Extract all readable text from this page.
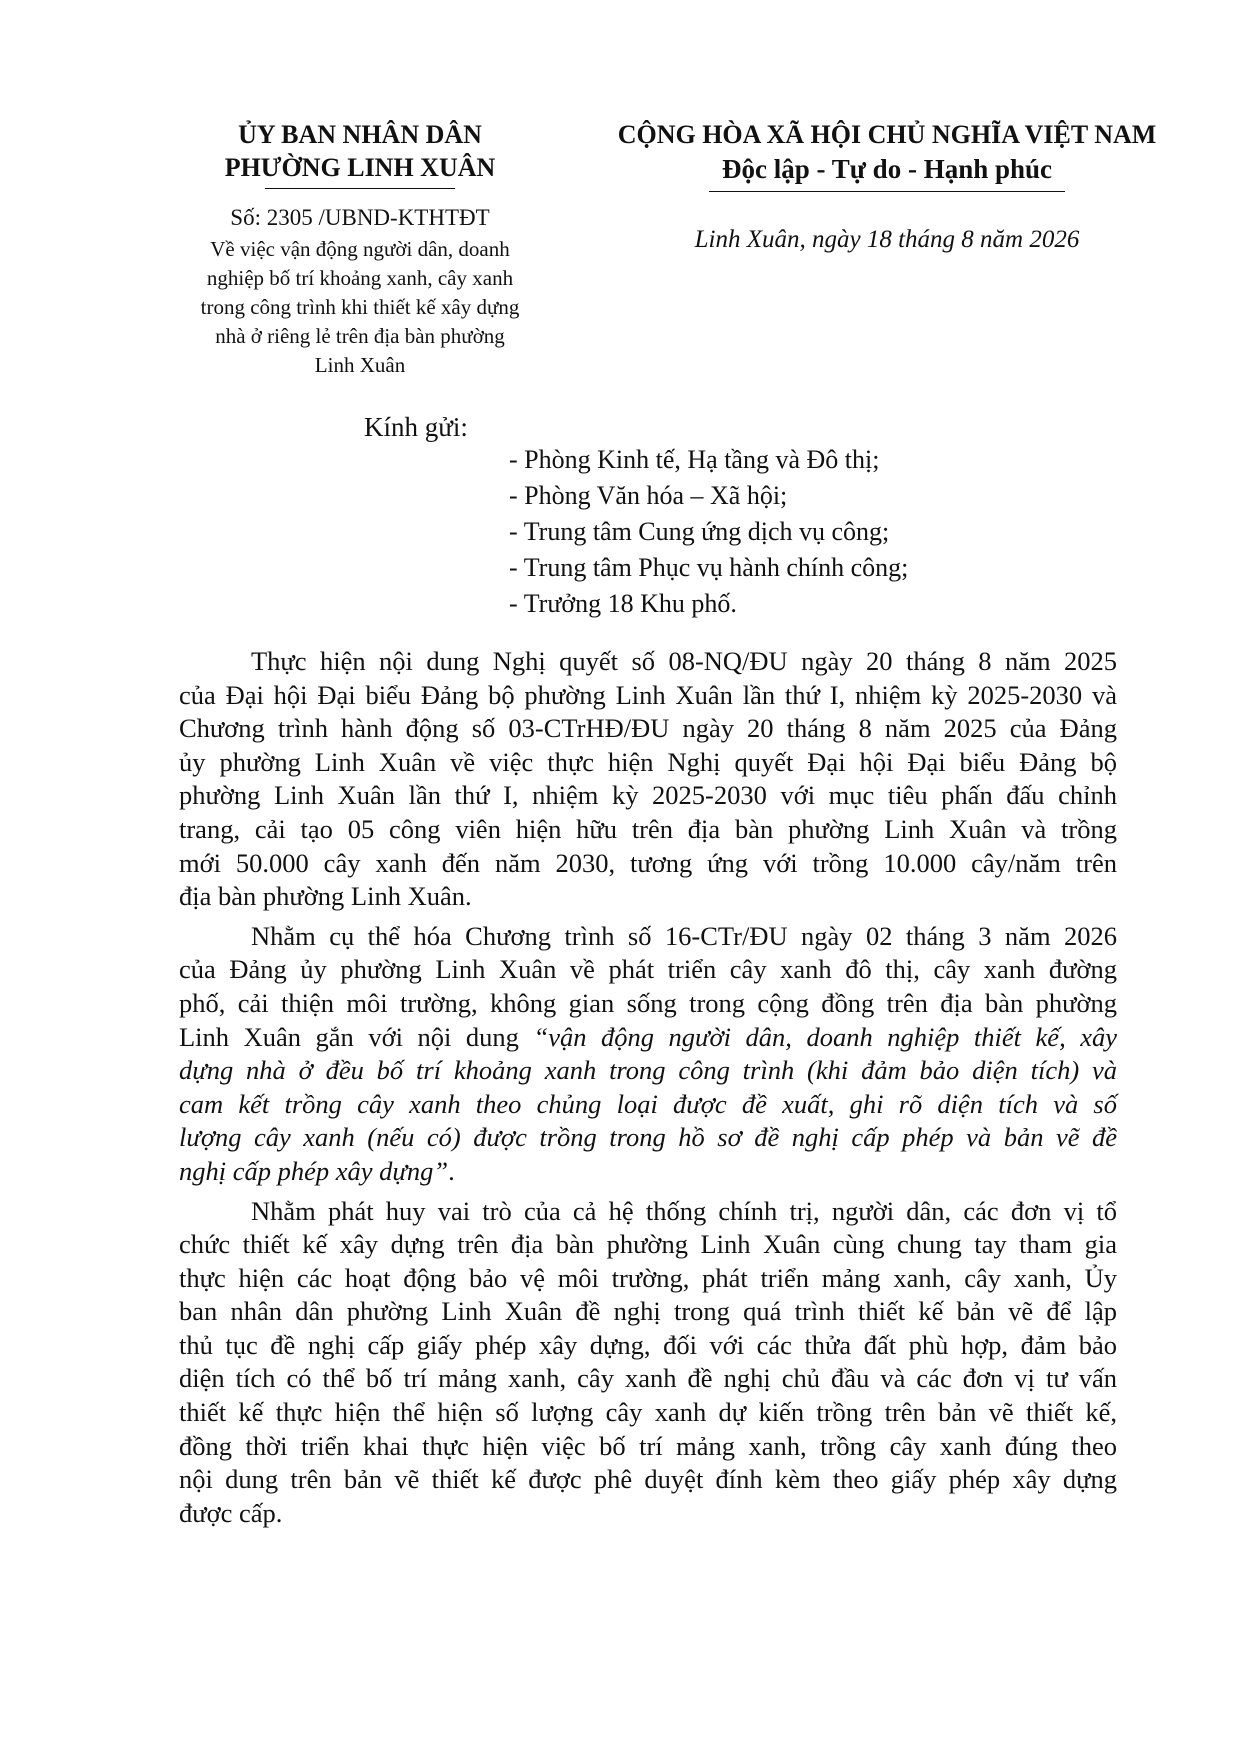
ỦY BAN NHÂN DÂN
PHƯỜNG LINH XUÂN
Số: 2305 /UBND-KTHTĐT
Về việc vận động người dân, doanh
nghiệp bố trí khoảng xanh, cây xanh
trong công trình khi thiết kế xây dựng
nhà ở riêng lẻ trên địa bàn phường
Linh Xuân
CỘNG HÒA XÃ HỘI CHỦ NGHĨA VIỆT NAM
Độc lập - Tự do - Hạnh phúc
Linh Xuân, ngày 18 tháng 8 năm 2026
Kính gửi:
- Phòng Kinh tế, Hạ tầng và Đô thị;
- Phòng Văn hóa – Xã hội;
- Trung tâm Cung ứng dịch vụ công;
- Trung tâm Phục vụ hành chính công;
- Trưởng 18 Khu phố.
Thực hiện nội dung Nghị quyết số 08-NQ/ĐU ngày 20 tháng 8 năm 2025
của Đại hội Đại biểu Đảng bộ phường Linh Xuân lần thứ I, nhiệm kỳ 2025-2030 và
Chương trình hành động số 03-CTrHĐ/ĐU ngày 20 tháng 8 năm 2025 của Đảng
ủy phường Linh Xuân về việc thực hiện Nghị quyết Đại hội Đại biểu Đảng bộ
phường Linh Xuân lần thứ I, nhiệm kỳ 2025-2030 với mục tiêu phấn đấu chỉnh
trang, cải tạo 05 công viên hiện hữu trên địa bàn phường Linh Xuân và trồng
mới 50.000 cây xanh đến năm 2030, tương ứng với trồng 10.000 cây/năm trên
địa bàn phường Linh Xuân.
Nhằm cụ thể hóa Chương trình số 16-CTr/ĐU ngày 02 tháng 3 năm 2026
của Đảng ủy phường Linh Xuân về phát triển cây xanh đô thị, cây xanh đường
phố, cải thiện môi trường, không gian sống trong cộng đồng trên địa bàn phường
Linh Xuân gắn với nội dung “vận động người dân, doanh nghiệp thiết kế, xây
dựng nhà ở đều bố trí khoảng xanh trong công trình (khi đảm bảo diện tích) và
cam kết trồng cây xanh theo chủng loại được đề xuất, ghi rõ diện tích và số
lượng cây xanh (nếu có) được trồng trong hồ sơ đề nghị cấp phép và bản vẽ đề
nghị cấp phép xây dựng”.
Nhằm phát huy vai trò của cả hệ thống chính trị, người dân, các đơn vị tổ
chức thiết kế xây dựng trên địa bàn phường Linh Xuân cùng chung tay tham gia
thực hiện các hoạt động bảo vệ môi trường, phát triển mảng xanh, cây xanh, Ủy
ban nhân dân phường Linh Xuân đề nghị trong quá trình thiết kế bản vẽ để lập
thủ tục đề nghị cấp giấy phép xây dựng, đối với các thửa đất phù hợp, đảm bảo
diện tích có thể bố trí mảng xanh, cây xanh đề nghị chủ đầu và các đơn vị tư vấn
thiết kế thực hiện thể hiện số lượng cây xanh dự kiến trồng trên bản vẽ thiết kế,
đồng thời triển khai thực hiện việc bố trí mảng xanh, trồng cây xanh đúng theo
nội dung trên bản vẽ thiết kế được phê duyệt đính kèm theo giấy phép xây dựng
được cấp.
